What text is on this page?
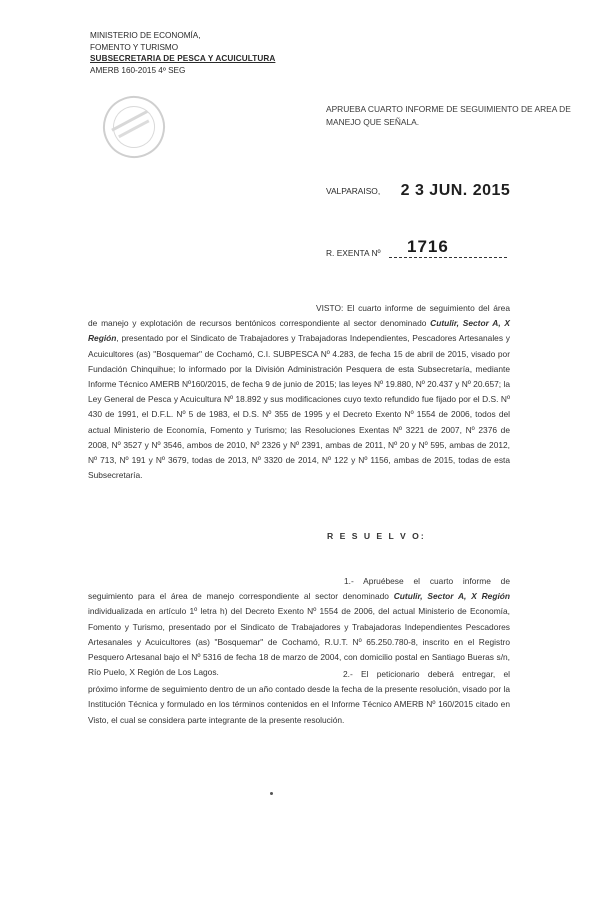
MINISTERIO DE ECONOMÍA,
FOMENTO Y TURISMO
SUBSECRETARIA DE PESCA Y ACUICULTURA
AMERB 160-2015 4º SEG
APRUEBA CUARTO INFORME DE SEGUIMIENTO DE AREA DE MANEJO QUE SEÑALA.
VALPARAISO, 2 3 JUN. 2015
R. EXENTA Nº 1716
VISTO: El cuarto informe de seguimiento del área de manejo y explotación de recursos bentónicos correspondiente al sector denominado Cutulir, Sector A, X Región, presentado por el Sindicato de Trabajadores y Trabajadoras Independientes, Pescadores Artesanales y Acuicultores (as) "Bosquemar" de Cochamó, C.I. SUBPESCA Nº 4.283, de fecha 15 de abril de 2015, visado por Fundación Chinquihue; lo informado por la División Administración Pesquera de esta Subsecretaría, mediante Informe Técnico AMERB Nº160/2015, de fecha 9 de junio de 2015; las leyes Nº 19.880, Nº 20.437 y Nº 20.657; la Ley General de Pesca y Acuicultura Nº 18.892 y sus modificaciones cuyo texto refundido fue fijado por el D.S. Nº 430 de 1991, el D.F.L. Nº 5 de 1983, el D.S. Nº 355 de 1995 y el Decreto Exento Nº 1554 de 2006, todos del actual Ministerio de Economía, Fomento y Turismo; las Resoluciones Exentas Nº 3221 de 2007, Nº 2376 de 2008, Nº 3527 y Nº 3546, ambos de 2010, Nº 2326 y Nº 2391, ambas de 2011, Nº 20 y Nº 595, ambas de 2012, Nº 713, Nº 191 y Nº 3679, todas de 2013, Nº 3320 de 2014, Nº 122 y Nº 1156, ambas de 2015, todas de esta Subsecretaría.
R E S U E L V O:
1.- Apruébese el cuarto informe de seguimiento para el área de manejo correspondiente al sector denominado Cutulir, Sector A, X Región individualizada en artículo 1º letra h) del Decreto Exento Nº 1554 de 2006, del actual Ministerio de Economía, Fomento y Turismo, presentado por el Sindicato de Trabajadores y Trabajadoras Independientes Pescadores Artesanales y Acuicultores (as) "Bosquemar" de Cochamó, R.U.T. Nº 65.250.780-8, inscrito en el Registro Pesquero Artesanal bajo el Nº 5316 de fecha 18 de marzo de 2004, con domicilio postal en Santiago Bueras s/n, Río Puelo, X Región de Los Lagos.	2.- El peticionario deberá entregar, el próximo informe de seguimiento dentro de un año contado desde la fecha de la presente resolución, visado por la Institución Técnica y formulado en los términos contenidos en el Informe Técnico AMERB Nº 160/2015 citado en Visto, el cual se considera parte integrante de la presente resolución.
